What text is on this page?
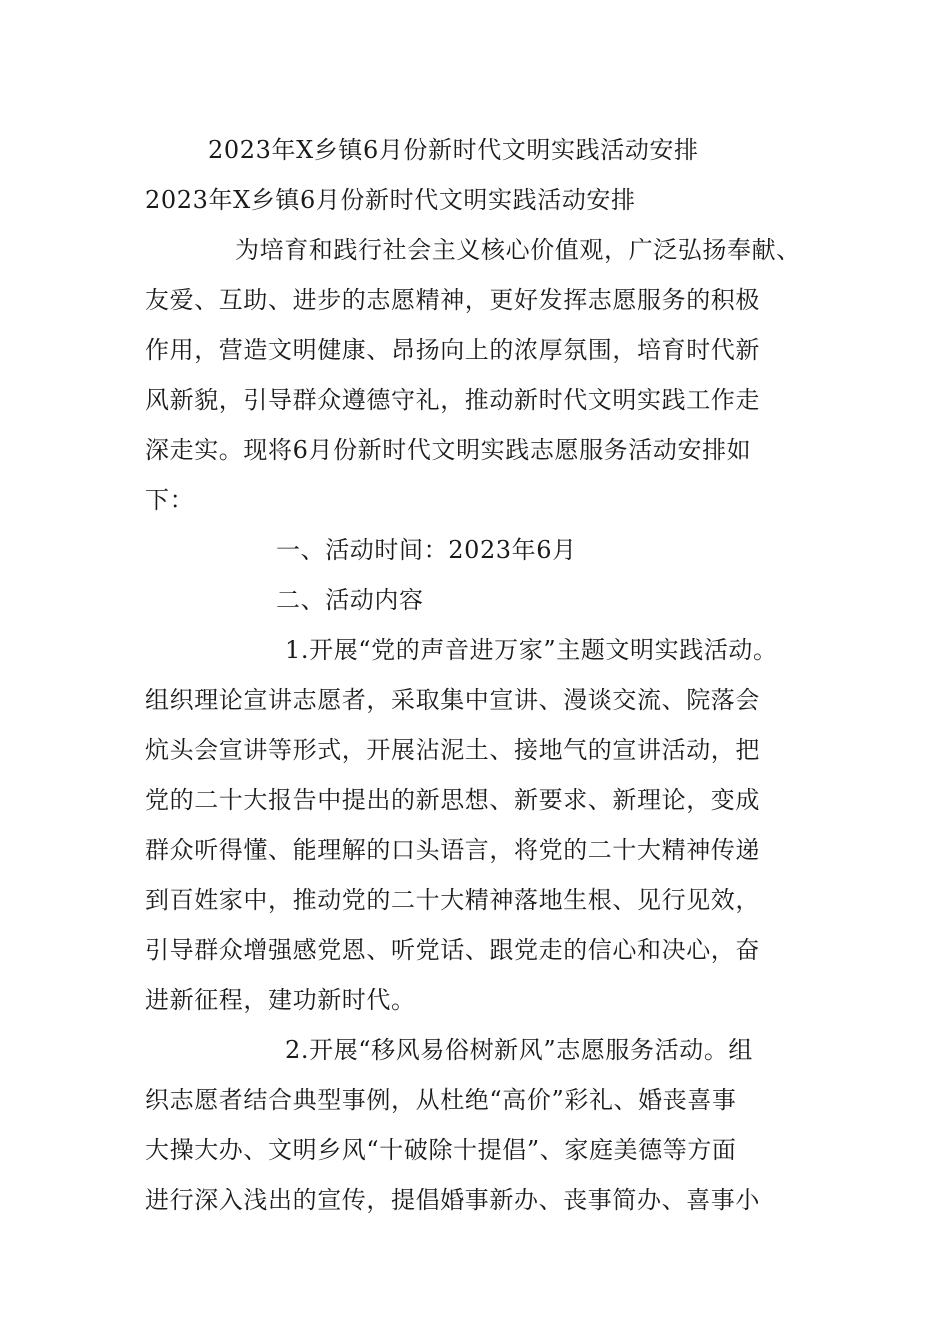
2023年X乡镇6月份新时代文明实践活动安排
2023年X乡镇6月份新时代文明实践活动安排
为培育和践行社会主义核心价值观，广泛弘扬奉献、
友爱、互助、进步的志愿精神，更好发挥志愿服务的积极
作用，营造文明健康、昂扬向上的浓厚氛围，培育时代新
风新貌，引导群众遵德守礼，推动新时代文明实践工作走
深走实。现将6月份新时代文明实践志愿服务活动安排如
下：
一、活动时间：2023年6月
二、活动内容
1.开展“党的声音进万家”主题文明实践活动。
组织理论宣讲志愿者，采取集中宣讲、漫谈交流、院落会
炕头会宣讲等形式，开展沾泥土、接地气的宣讲活动，把
党的二十大报告中提出的新思想、新要求、新理论，变成
群众听得懂、能理解的口头语言，将党的二十大精神传递
到百姓家中，推动党的二十大精神落地生根、见行见效，
引导群众增强感党恩、听党话、跟党走的信心和决心，奋
进新征程，建功新时代。
2.开展“移风易俗树新风”志愿服务活动。组
织志愿者结合典型事例，从杜绝“高价”彩礼、婚丧喜事
大操大办、文明乡风“十破除十提倡”、家庭美德等方面
进行深入浅出的宣传，提倡婚事新办、丧事简办、喜事小
